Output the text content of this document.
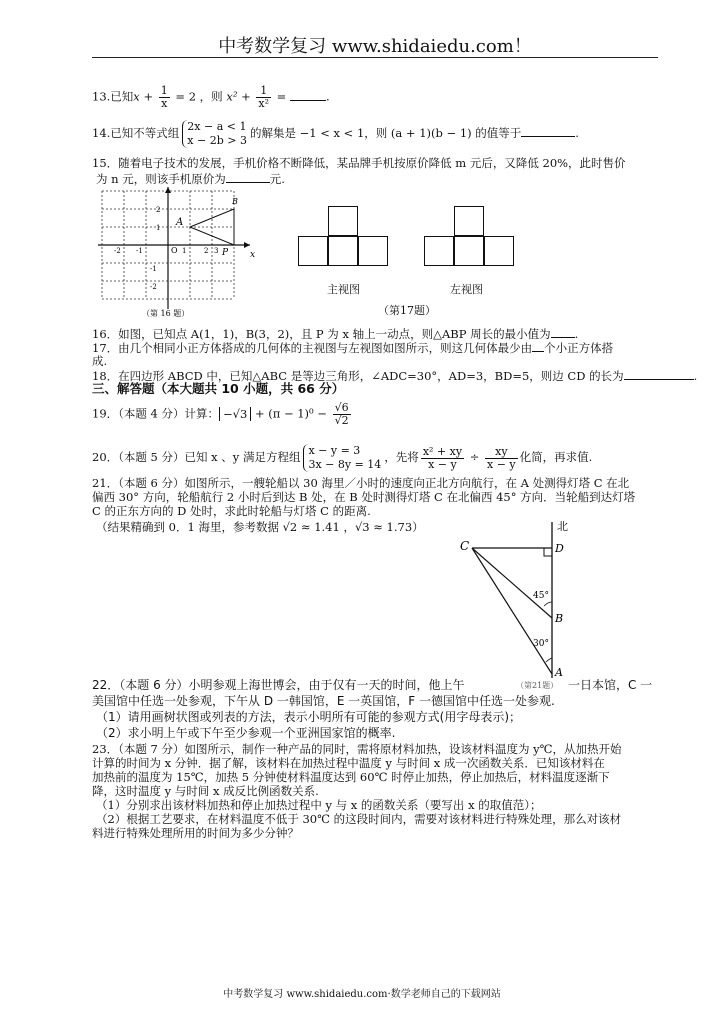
中考数学复习 www.shidaiedu.com！
13.已知$x + \frac{1}{x} = 2$ ，则 $x^2 + \frac{1}{\text{x²}}$ =	.
14.已知不等式组 2x − a < 1
x − 2b > 3
的解集是 −1 < x < 1，则 (a + 1)(b − 1) 的值等于	.
15．随着电子技术的发展，手机价格不断降低，某品牌手机按原价降低 m 元后，又降低 20%，此时售价
为 n 元，则该手机原价为	元.
A
B
P x
O
-2 -1	1	2 3
2
1
-1
-2
（第 16 题）
主视图	左视图
（第17题）
16．如图，已知点 A(1，1)，B(3，2)，且 P 为 x 轴上一动点，则△ABP 周长的最小值为 .
17．由几个相同小正方体搭成的几何体的主视图与左视图如图所示，则这几何体最少由 个小正方体搭
成.
18．在四边形 ABCD 中，已知△ABC 是等边三角形，∠ADC=30°，AD=3，BD=5，则边 CD 的长为	.
三、解答题（本大题共 10 小题，共 66 分）
19．（本题 4 分）计算： $-√3 + (\pi - 1)^0 - \frac{√6}{√2}$
20．（本题 5 分）已知 x 、y 满足方程组 x − y = 3
3x − 8y = 14
，先将 $\frac{\text{x² + xy}}{x - y} \div \frac{xy}{x - y}$ 化简，再求值.
21．（本题 6 分）如图所示，一艘轮船以 30 海里／小时的速度向正北方向航行，在 A 处测得灯塔 C 在北
偏西 30° 方向，轮船航行 2 小时后到达 B 处，在 B 处时测得灯塔 C 在北偏西 45° 方向．当轮船到达灯塔
C 的正东方向的 D 处时，求此时轮船与灯塔 C 的距离.
（结果精确到 0．1 海里，参考数据 √2 ≈ 1.41 ，√3 ≈ 1.73）	北
C	D
B
A
45°
30°
（第21题）
22．（本题 6 分）小明参观上海世博会，由于仅有一天的时间，他上午	一日本馆，C 一
美国馆中任选一处参观，下午从 D 一韩国馆，E 一英国馆，F 一德国馆中任选一处参观.
（1）请用画树状图或列表的方法，表示小明所有可能的参观方式(用字母表示)；
（2）求小明上午或下午至少参观一个亚洲国家馆的概率.
23．（本题 7 分）如图所示，制作一种产品的同时，需将原材料加热，设该材料温度为 y℃，从加热开始
计算的时间为 x 分钟．据了解，该材料在加热过程中温度 y 与时间 x 成一次函数关系．已知该材料在
加热前的温度为 15℃，加热 5 分钟使材料温度达到 60℃ 时停止加热，停止加热后，材料温度逐渐下
降，这时温度 y 与时间 x 成反比例函数关系.
（1）分别求出该材料加热和停止加热过程中 y 与 x 的函数关系（要写出 x 的取值范）；
（2）根据工艺要求，在材料温度不低于 30℃ 的这段时间内，需要对该材料进行特殊处理，那么对该材
料进行特殊处理所用的时间为多少分钟？
中考数学复习 www.shidaiedu.com·数学老师自己的下载网站
